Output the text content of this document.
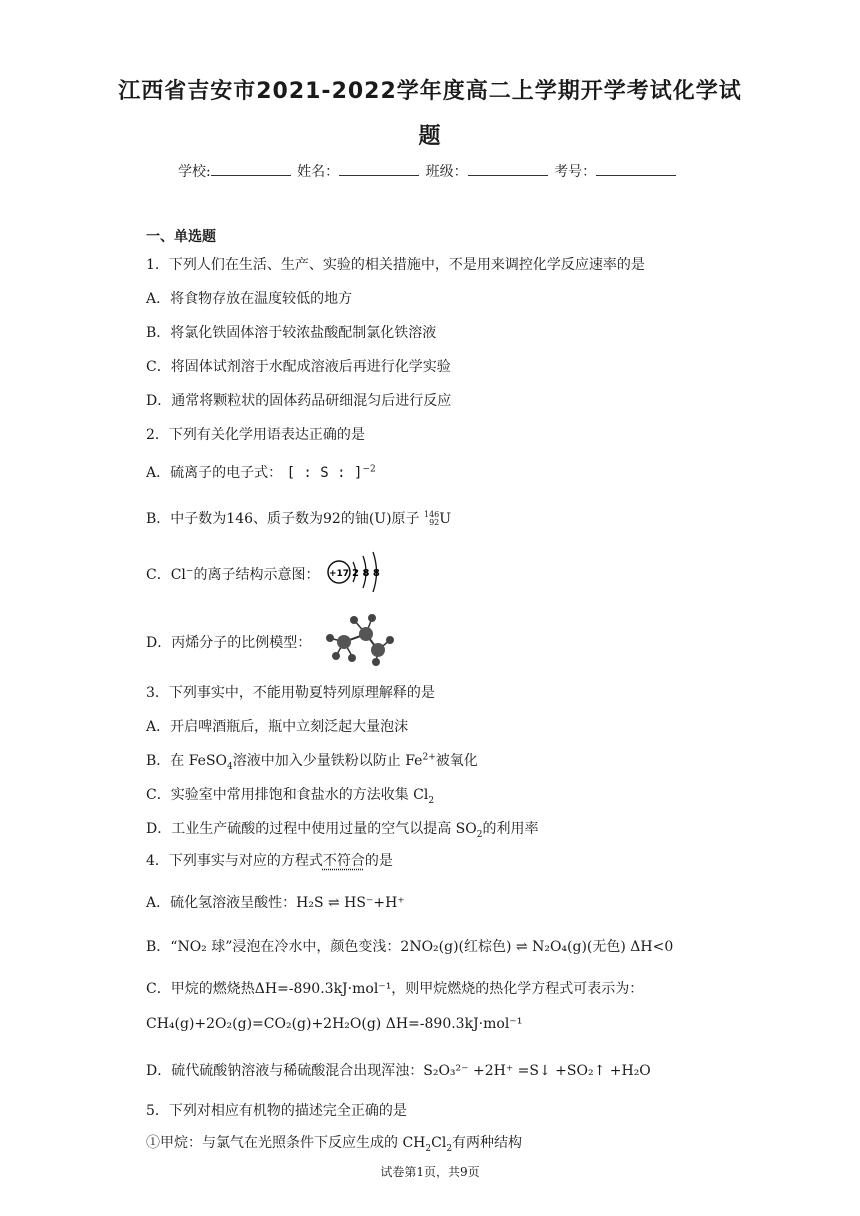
江西省吉安市2021-2022学年度高二上学期开学考试化学试
题
学校:	姓名：	班级：	考号：
一、单选题
1．下列人们在生活、生产、实验的相关措施中，不是用来调控化学反应速率的是
A．将食物存放在温度较低的地方
B．将氯化铁固体溶于较浓盐酸配制氯化铁溶液
C．将固体试剂溶于水配成溶液后再进行化学实验
D．通常将颗粒状的固体药品研细混匀后进行反应
2．下列有关化学用语表达正确的是
A．硫离子的电子式： [ : S : ]$^{-2}$
B．中子数为146、质子数为92的铀(U)原子 146
92U
C．Cl−的离子结构示意图： +17 2 8 8
D．丙烯分子的比例模型：
3．下列事实中，不能用勒夏特列原理解释的是
A．开启啤酒瓶后，瓶中立刻泛起大量泡沫
B．在 FeSO$_4$溶液中加入少量铁粉以防止 $Fe^{2+}$被氧化
C．实验室中常用排饱和食盐水的方法收集 $Cl_2$
D．工业生产硫酸的过程中使用过量的空气以提高 $SO_2$的利用率
4．下列事实与对应的方程式不符合的是
A．硫化氢溶液呈酸性：H₂S ⇌ HS⁻+H⁺
B．“NO₂ 球”浸泡在冷水中，颜色变浅：2NO₂(g)(红棕色) ⇌ N₂O₄(g)(无色) ΔH<0
C．甲烷的燃烧热ΔH=-890.3kJ·mol⁻¹，则甲烷燃烧的热化学方程式可表示为：
CH₄(g)+2O₂(g)=CO₂(g)+2H₂O(g) ΔH=-890.3kJ·mol⁻¹
D．硫代硫酸钠溶液与稀硫酸混合出现浑浊：S₂O₃²⁻ +2H⁺ =S↓ +SO₂↑ +H₂O
5．下列对相应有机物的描述完全正确的是
①甲烷：与氯气在光照条件下反应生成的 $CH_2Cl_2$有两种结构
试卷第1页，共9页
